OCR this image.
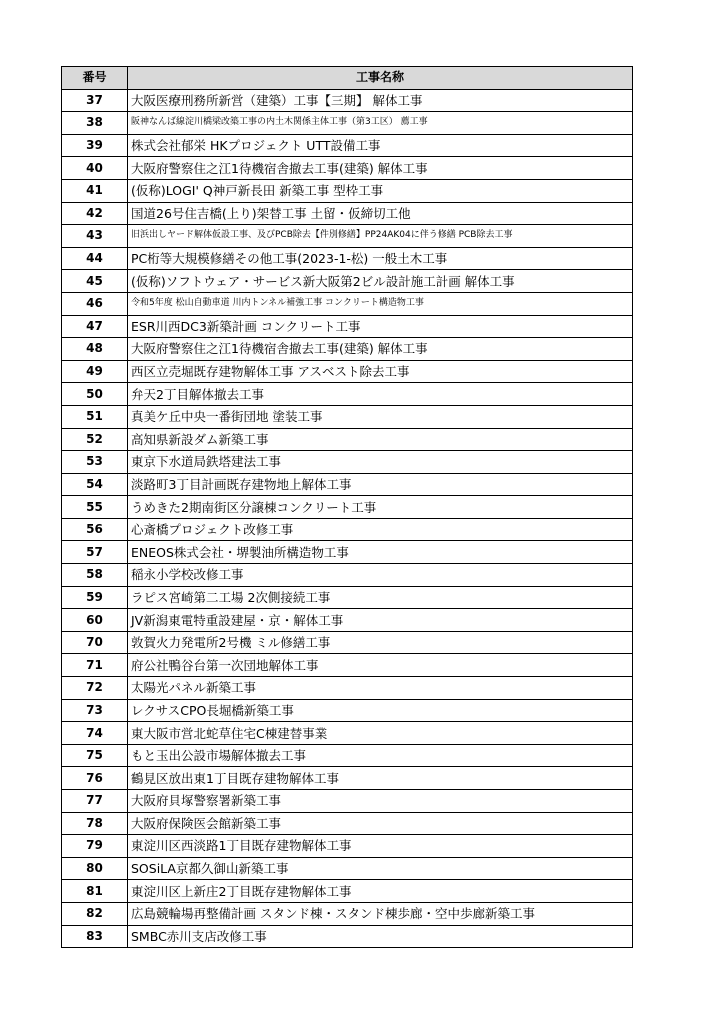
番号	工事名称
37	大阪医療刑務所新営（建築）工事【三期】 解体工事
38	阪神なんば線淀川橋梁改築工事の内土木関係主体工事（第3工区） 薦工事
39	株式会社郁栄 HKプロジェクト UTT設備工事
40	大阪府警察住之江1待機宿舎撤去工事(建築) 解体工事
41	(仮称)LOGI' Q神戸新長田 新築工事 型枠工事
42	国道26号住吉橋(上り)架替工事 土留・仮締切工他
43	旧浜出しヤード解体仮設工事、及びPCB除去【件別修繕】PP24AK04に伴う修繕 PCB除去工事
44	PC桁等大規模修繕その他工事(2023-1-松) 一般土木工事
45	(仮称)ソフトウェア・サービス新大阪第2ビル設計施工計画 解体工事
46	令和5年度 松山自動車道 川内トンネル補強工事 コンクリート構造物工事
47	ESR川西DC3新築計画 コンクリート工事
48	大阪府警察住之江1待機宿舎撤去工事(建築) 解体工事
49	西区立売堀既存建物解体工事 アスベスト除去工事
50	弁天2丁目解体撤去工事
51	真美ケ丘中央一番街団地 塗装工事
52	高知県新設ダム新築工事
53	東京下水道局鉄塔建法工事
54	淡路町3丁目計画既存建物地上解体工事
55	うめきた2期南街区分譲棟コンクリート工事
56	心斎橋プロジェクト改修工事
57	ENEOS株式会社・堺製油所構造物工事
58	稲永小学校改修工事
59	ラピス宮崎第二工場 2次側接続工事
60	JV新潟東電特重設建屋・京・解体工事
70	敦賀火力発電所2号機 ミル修繕工事
71	府公社鴨谷台第一次団地解体工事
72	太陽光パネル新築工事
73	レクサスCPO長堀橋新築工事
74	東大阪市営北蛇草住宅C棟建替事業
75	もと玉出公設市場解体撤去工事
76	鶴見区放出東1丁目既存建物解体工事
77	大阪府貝塚警察署新築工事
78	大阪府保険医会館新築工事
79	東淀川区西淡路1丁目既存建物解体工事
80	SOSiLA京都久御山新築工事
81	東淀川区上新庄2丁目既存建物解体工事
82	広島競輪場再整備計画 スタンド棟・スタンド棟歩廊・空中歩廊新築工事
83	SMBC赤川支店改修工事
